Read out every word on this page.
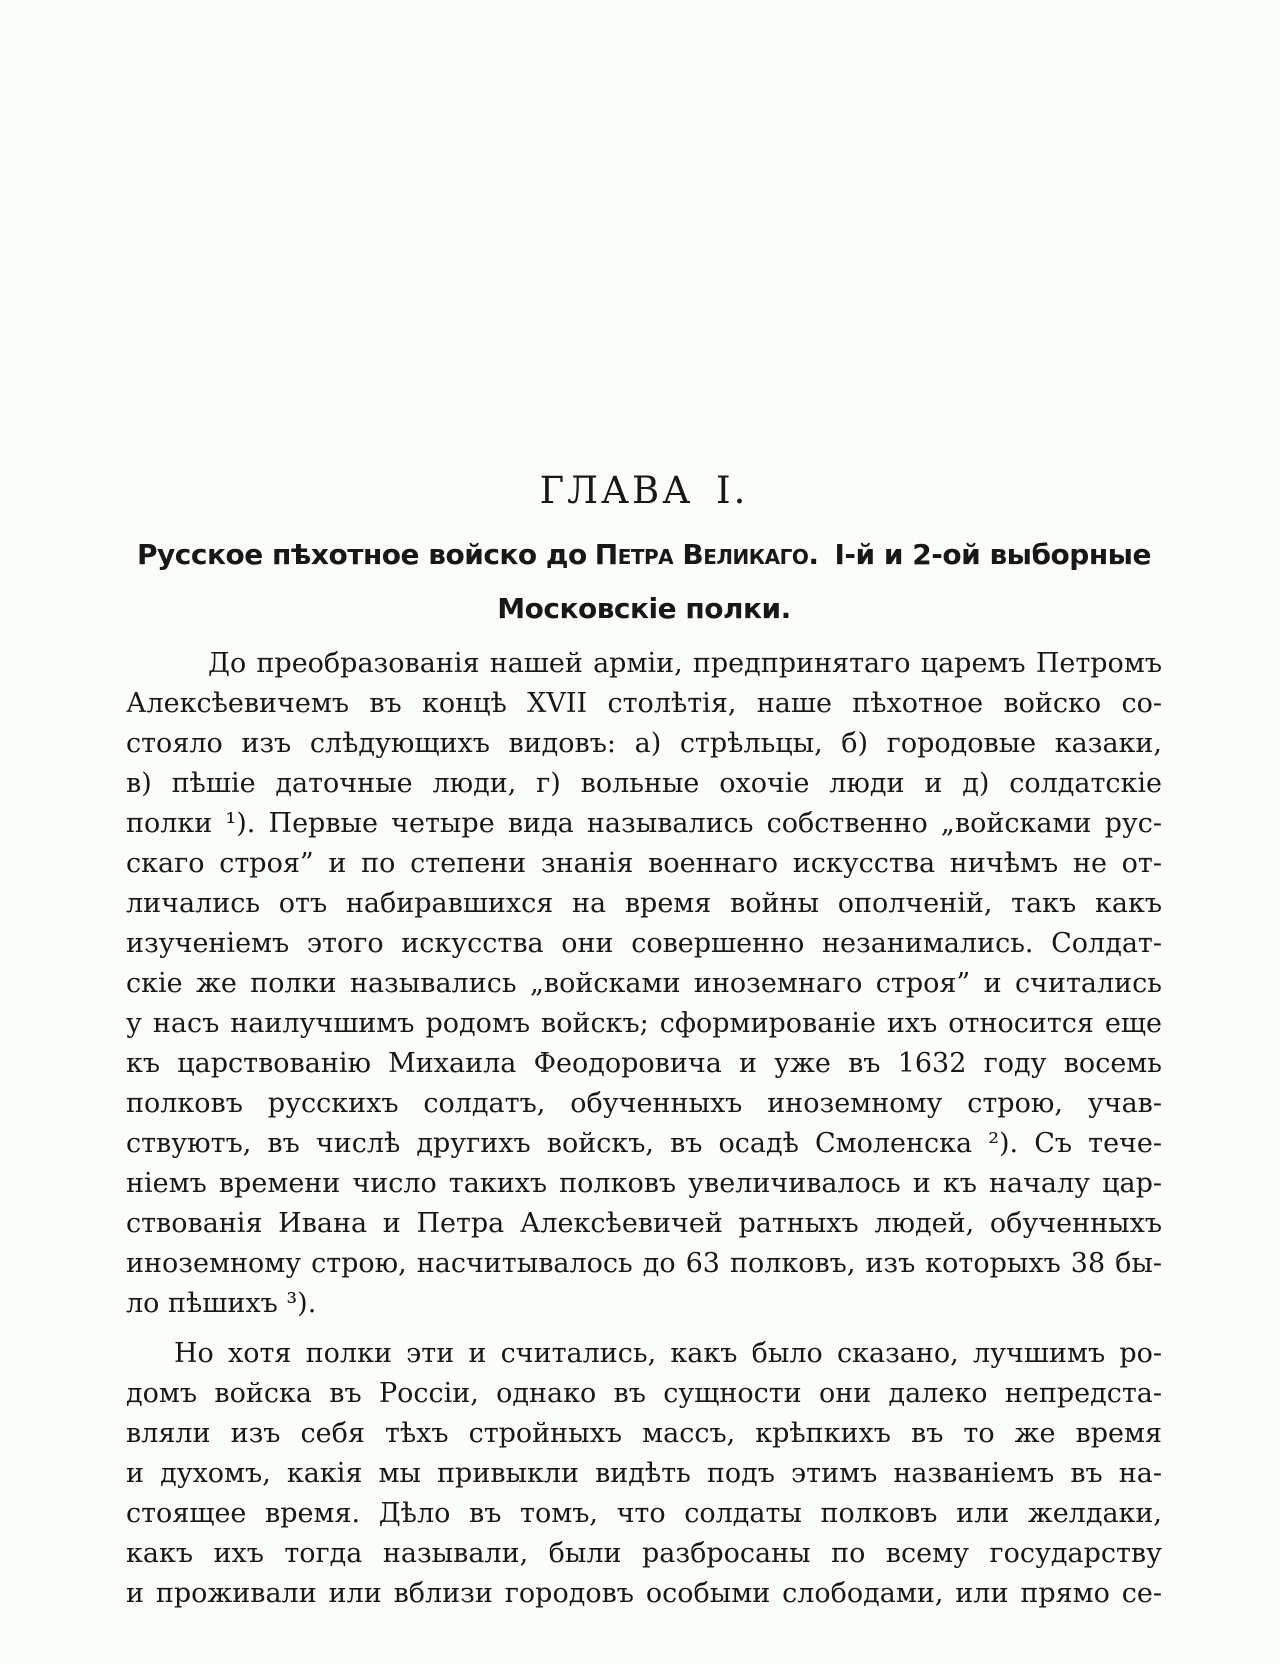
ГЛАВА I.
Русское пѣхотное войско до Петра Великаго. I-й и 2-ой выборные
Московскіе полки.
До преобразованія нашей арміи, предпринятаго царемъ Петромъ
Алексѣевичемъ въ концѣ XVII столѣтія, наше пѣхотное войско со-
стояло изъ слѣдующихъ видовъ: а) стрѣльцы, б) городовые казаки,
в) пѣшіе даточные люди, г) вольные охочіе люди и д) солдатскіе
полки ¹). Первые четыре вида назывались собственно „войсками рус-
скаго строя” и по степени знанія военнаго искусства ничѣмъ не от-
личались отъ набиравшихся на время войны ополченій, такъ какъ
изученіемъ этого искусства они совершенно незанимались. Солдат-
скіе же полки назывались „войсками иноземнаго строя” и считались
у насъ наилучшимъ родомъ войскъ; сформированіе ихъ относится еще
къ царствованію Михаила Феодоровича и уже въ 1632 году восемь
полковъ русскихъ солдатъ, обученныхъ иноземному строю, учав-
ствуютъ, въ числѣ другихъ войскъ, въ осадѣ Смоленска ²). Съ тече-
ніемъ времени число такихъ полковъ увеличивалось и къ началу цар-
ствованія Ивана и Петра Алексѣевичей ратныхъ людей, обученныхъ
иноземному строю, насчитывалось до 63 полковъ, изъ которыхъ 38 бы-
ло пѣшихъ ³).
Но хотя полки эти и считались, какъ было сказано, лучшимъ ро-
домъ войска въ Россіи, однако въ сущности они далеко непредста-
вляли изъ себя тѣхъ стройныхъ массъ, крѣпкихъ въ то же время
и духомъ, какія мы привыкли видѣть подъ этимъ названіемъ въ на-
стоящее время. Дѣло въ томъ, что солдаты полковъ или желдаки,
какъ ихъ тогда называли, были разбросаны по всему государству
и проживали или вблизи городовъ особыми слободами, или прямо се-
